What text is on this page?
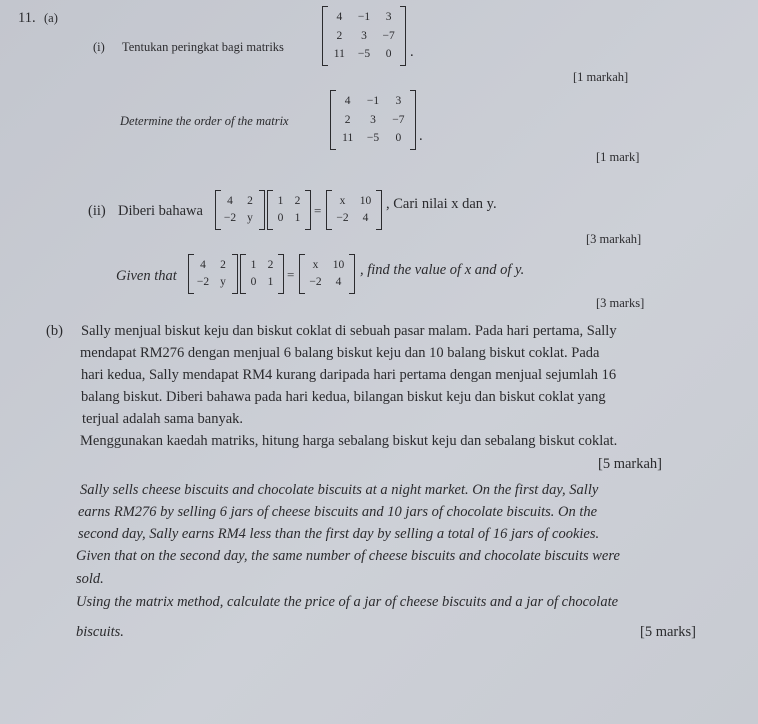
11. (a)
(i) Tentukan peringkat bagi matriks
4	−1	3
2	3	−7
11	−5	0	.
[1 markah]
Determine the order of the matrix
4	−1	3
2	3	−7
11	−5	0	.
[1 mark]
(ii) Diberi bahawa
4	2
−2 y
1 2
0 1
=
x	10
−2	4
, Cari nilai x dan y.
[3 markah]
Given that
4	2
−2 y
1 2
0 1
=
x	10
−2	4
, find the value of x and of y.
[3 marks]
(b) Sally menjual biskut keju dan biskut coklat di sebuah pasar malam. Pada hari pertama, Sally
mendapat RM276 dengan menjual 6 balang biskut keju dan 10 balang biskut coklat. Pada
hari kedua, Sally mendapat RM4 kurang daripada hari pertama dengan menjual sejumlah 16
balang biskut. Diberi bahawa pada hari kedua, bilangan biskut keju dan biskut coklat yang
terjual adalah sama banyak.
Menggunakan kaedah matriks, hitung harga sebalang biskut keju dan sebalang biskut coklat.
[5 markah]
Sally sells cheese biscuits and chocolate biscuits at a night market. On the first day, Sally
earns RM276 by selling 6 jars of cheese biscuits and 10 jars of chocolate biscuits. On the
second day, Sally earns RM4 less than the first day by selling a total of 16 jars of cookies.
Given that on the second day, the same number of cheese biscuits and chocolate biscuits were
sold.
Using the matrix method, calculate the price of a jar of cheese biscuits and a jar of chocolate
biscuits.	[5 marks]
